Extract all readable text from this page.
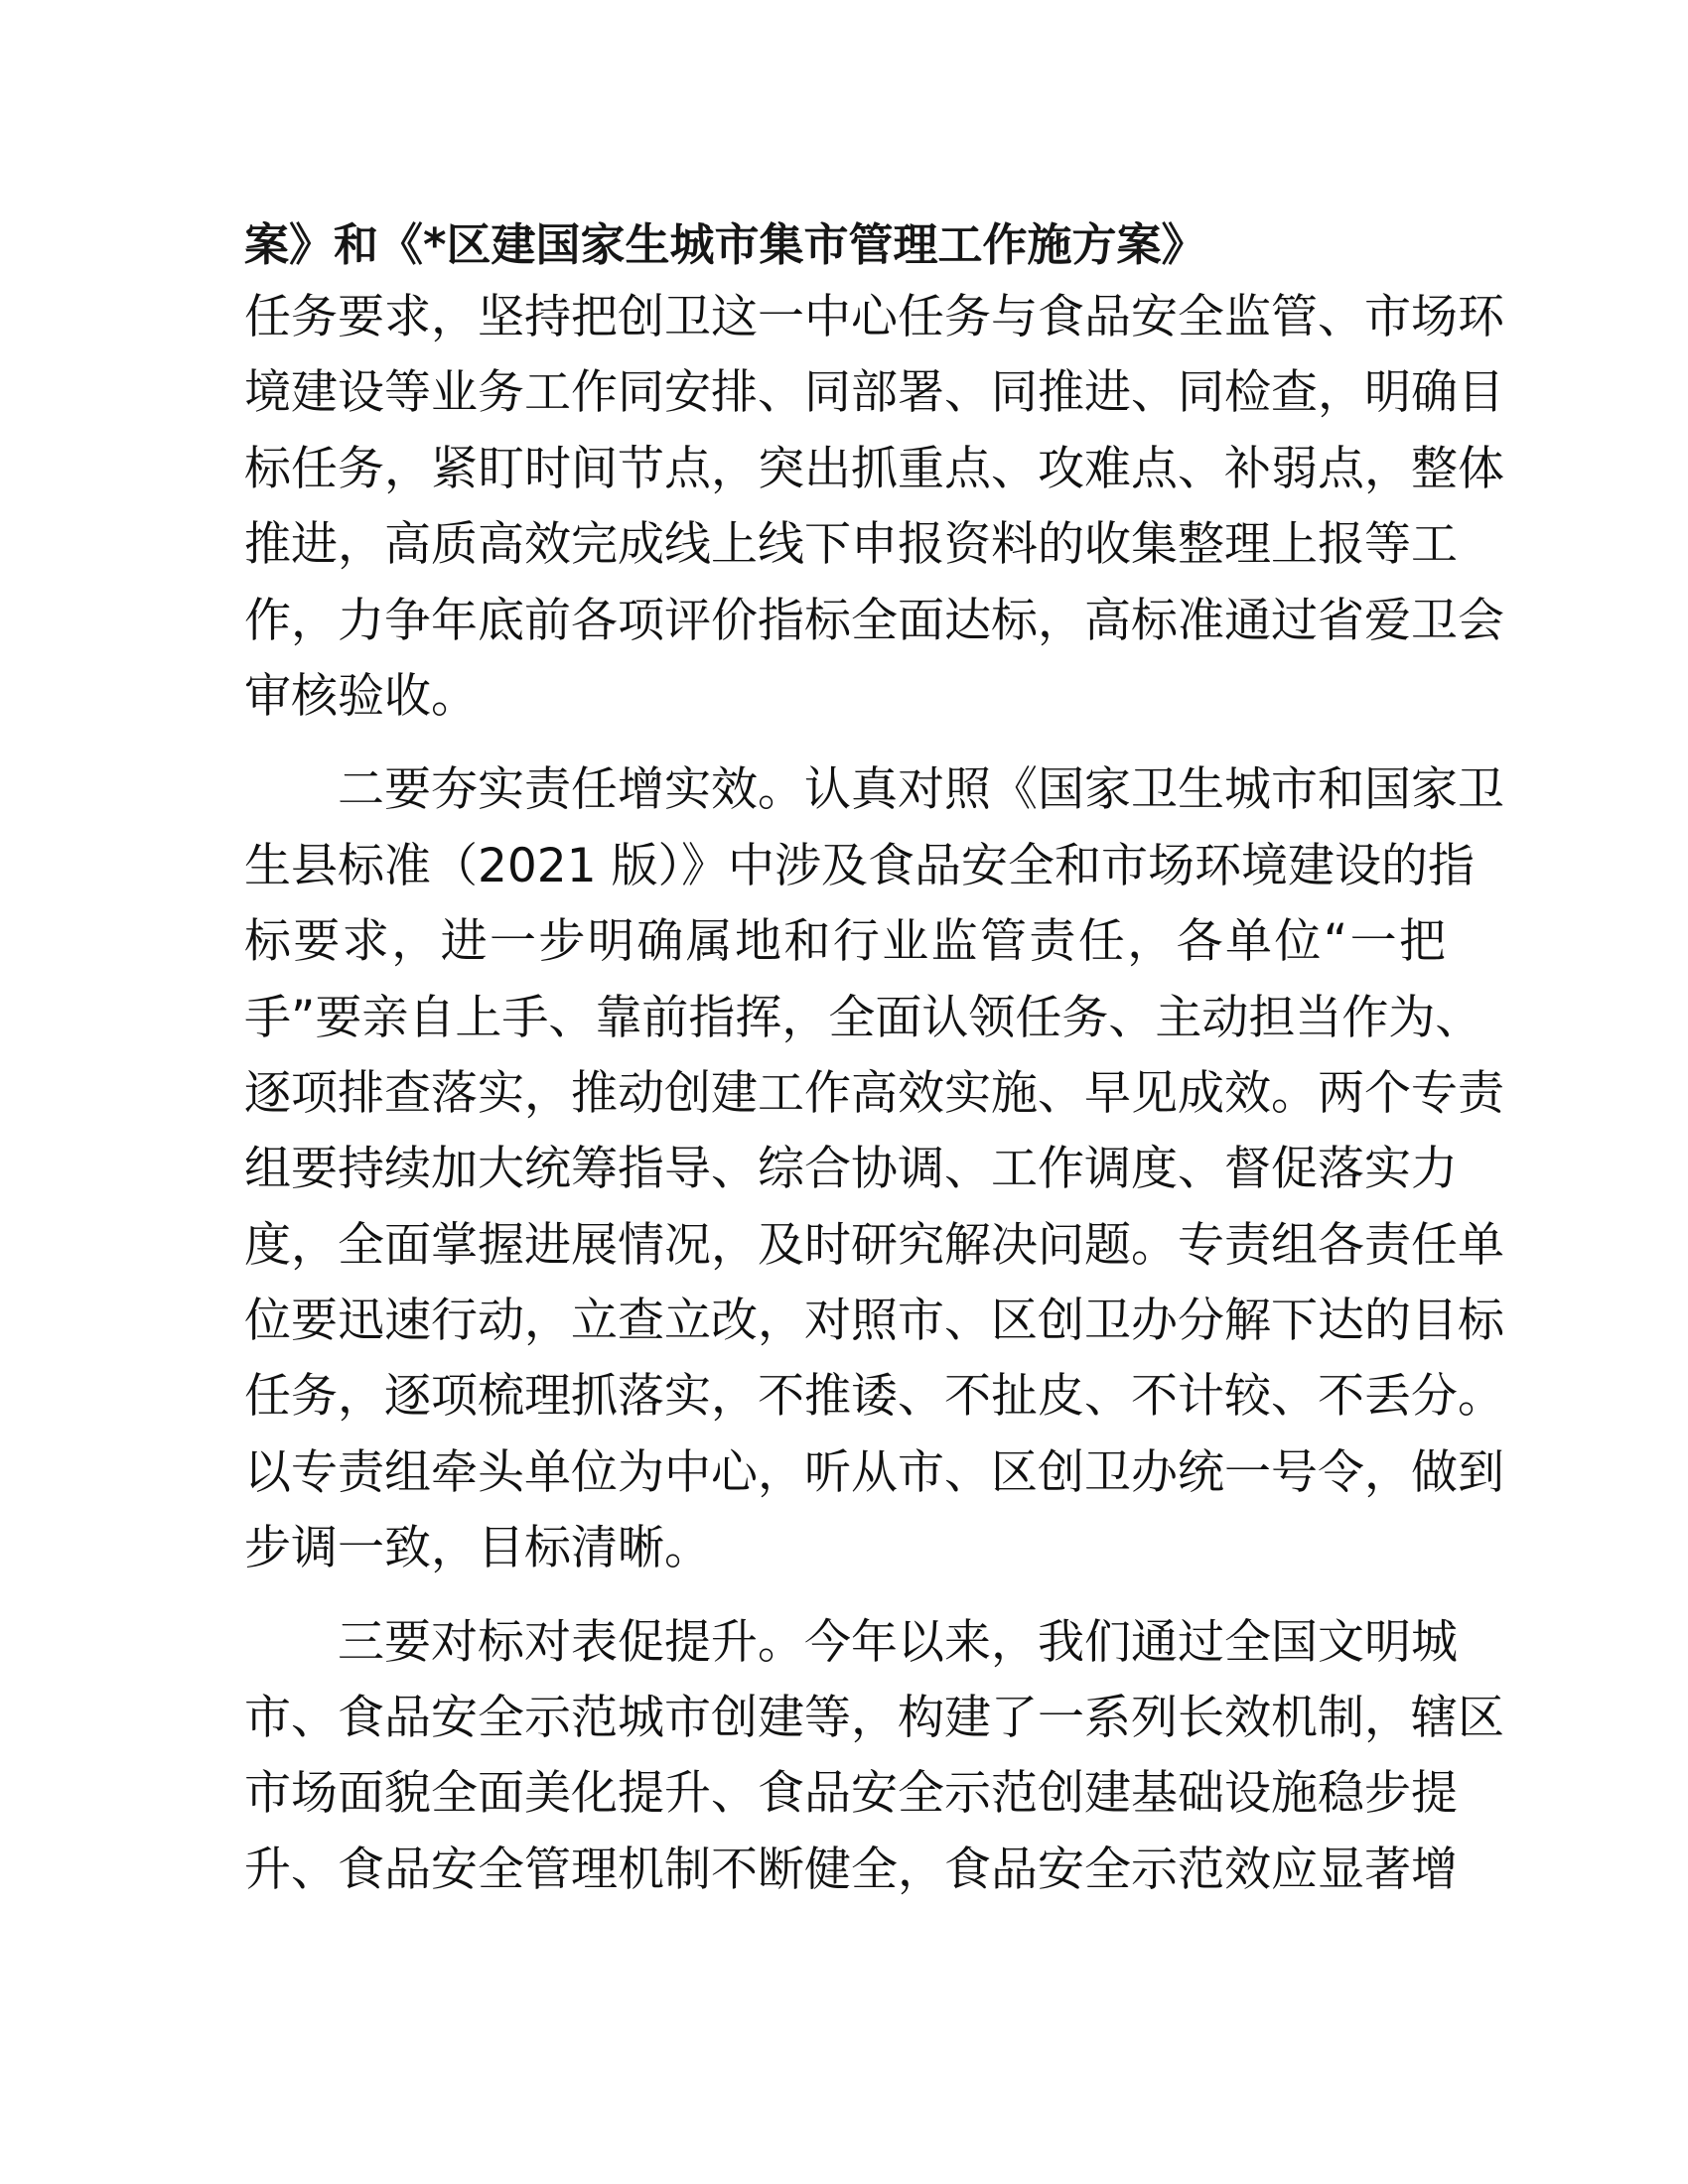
案》和《*区建国家生城市集市管理工作施方案》
任务要求，坚持把创卫这一中心任务与食品安全监管、市场环
境建设等业务工作同安排、同部署、同推进、同检查，明确目
标任务，紧盯时间节点，突出抓重点、攻难点、补弱点，整体
推进，高质高效完成线上线下申报资料的收集整理上报等工
作，力争年底前各项评价指标全面达标，高标准通过省爱卫会
审核验收。
　　二要夯实责任增实效。认真对照《国家卫生城市和国家卫
生县标准（2021 版）》中涉及食品安全和市场环境建设的指
标要求，进一步明确属地和行业监管责任，各单位“一把
手”要亲自上手、靠前指挥，全面认领任务、主动担当作为、
逐项排查落实，推动创建工作高效实施、早见成效。两个专责
组要持续加大统筹指导、综合协调、工作调度、督促落实力
度，全面掌握进展情况，及时研究解决问题。专责组各责任单
位要迅速行动，立查立改，对照市、区创卫办分解下达的目标
任务，逐项梳理抓落实，不推诿、不扯皮、不计较、不丢分。
以专责组牵头单位为中心，听从市、区创卫办统一号令，做到
步调一致，目标清晰。
　　三要对标对表促提升。今年以来，我们通过全国文明城
市、食品安全示范城市创建等，构建了一系列长效机制，辖区
市场面貌全面美化提升、食品安全示范创建基础设施稳步提
升、食品安全管理机制不断健全，食品安全示范效应显著增
